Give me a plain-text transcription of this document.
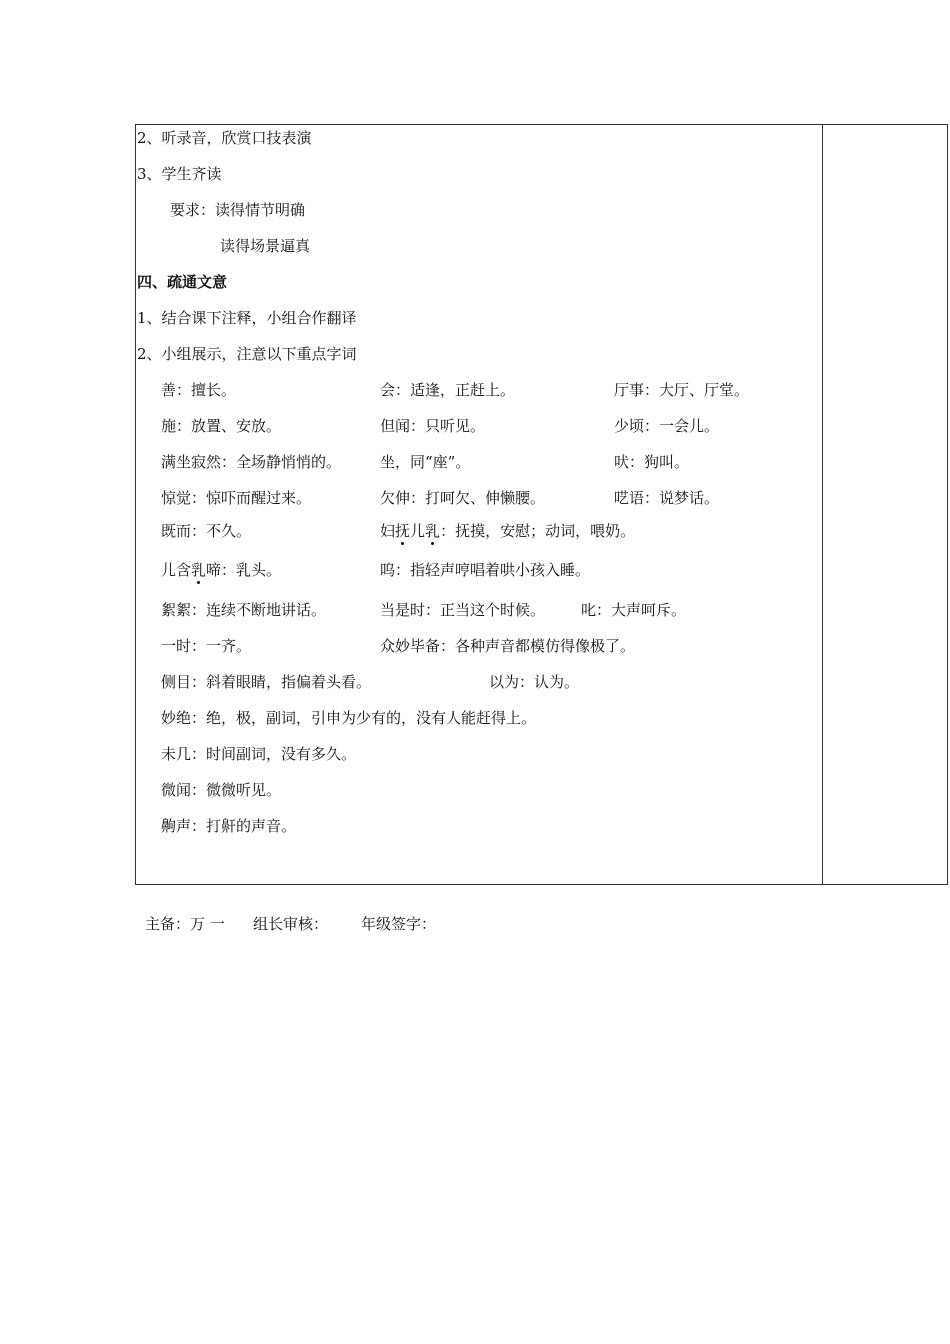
2、听录音，欣赏口技表演
3、学生齐读
要求：读得情节明确
读得场景逼真
四、疏通文意
1、结合课下注释，小组合作翻译
2、小组展示，注意以下重点字词
善：擅长。	会：适逢，正赶上。	厅事：大厅、厅堂。
施：放置、安放。	但闻：只听见。	少顷：一会儿。
满坐寂然：全场静悄悄的。	坐，同“座”。	吠：狗叫。
惊觉：惊吓而醒过来。	欠伸：打呵欠、伸懒腰。	呓语：说梦话。
既而：不久。	妇抚儿乳：抚摸，安慰；动词，喂奶。
儿含乳啼：乳头。	呜：指轻声哼唱着哄小孩入睡。
絮絮：连续不断地讲话。	当是时：正当这个时候。 叱：大声呵斥。
一时：一齐。	众妙毕备：各种声音都模仿得像极了。
侧目：斜着眼睛，指偏着头看。	以为：认为。
妙绝：绝，极，副词，引申为少有的，没有人能赶得上。
未几：时间副词，没有多久。
微闻：微微听见。
齁声：打鼾的声音。
主备：万 一 组长审核： 年级签字：
